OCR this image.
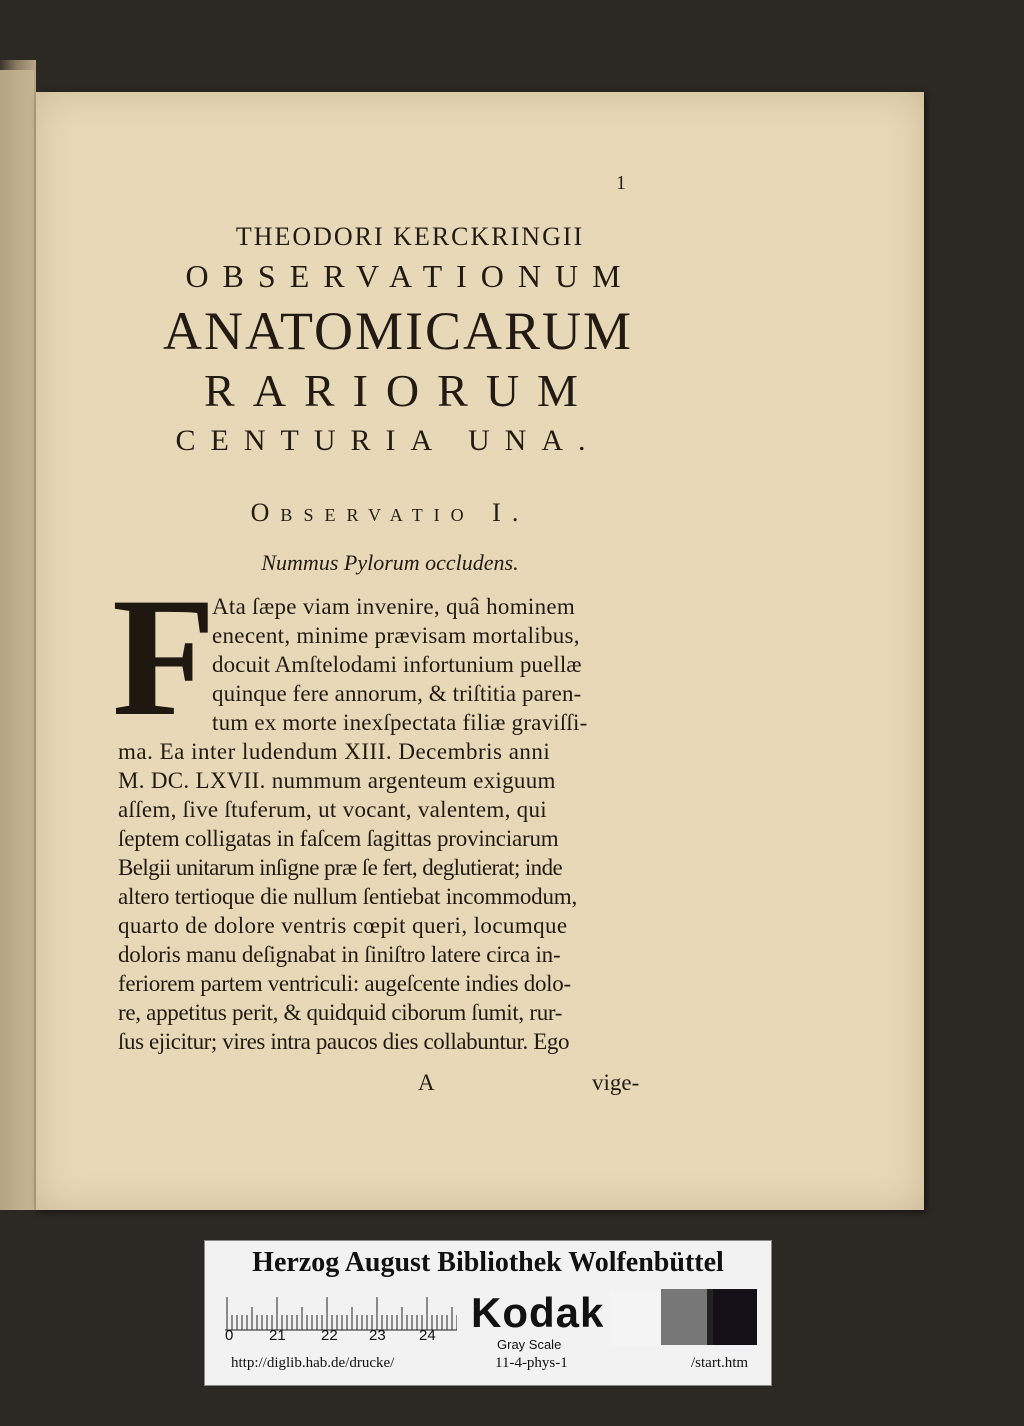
1
THEODORI KERCKRINGII
OBSERVATIONUM
ANATOMICARUM
RARIORUM
CENTURIA UNA.
Observatio I.
Nummus Pylorum occludens.
F
Ata ſæpe viam invenire, quâ hominem
enecent, minime prævisam mortalibus,
docuit Amſtelodami infortunium puellæ
quinque fere annorum, & triſtitia paren-
tum ex morte inexſpectata filiæ graviſſi-
ma. Ea inter ludendum XIII. Decembris anni
M. DC. LXVII. nummum argenteum exiguum
aſſem, ſive ſtuferum, ut vocant, valentem, qui
ſeptem colligatas in faſcem ſagittas provinciarum
Belgii unitarum inſigne præ ſe fert, deglutierat; inde
altero tertioque die nullum ſentiebat incommodum,
quarto de dolore ventris cœpit queri, locumque
doloris manu deſignabat in ſiniſtro latere circa in-
feriorem partem ventriculi: augeſcente indies dolo-
re, appetitus perit, & quidquid ciborum ſumit, rur-
ſus ejicitur; vires intra paucos dies collabuntur. Ego
A	vige-
Herzog August Bibliothek Wolfenbüttel
0 21 22 23 24 Kodak
Gray Scale
http://diglib.hab.de/drucke/	11-4-phys-1	/start.htm
